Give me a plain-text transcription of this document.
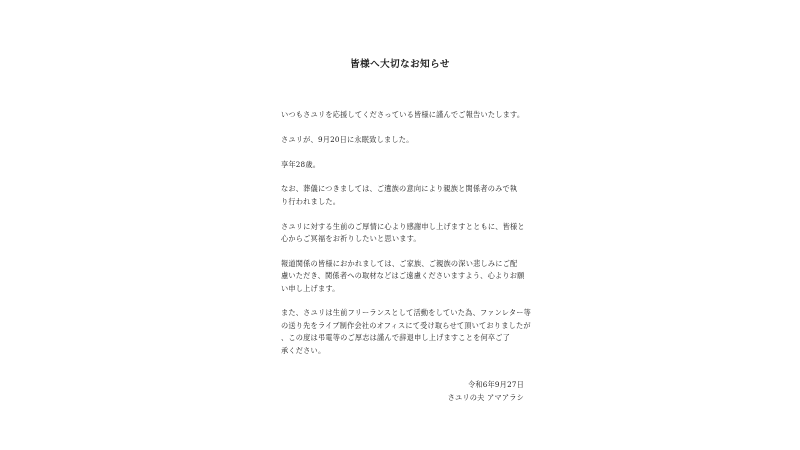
皆様へ大切なお知らせ

いつもさユリを応援してくださっている皆様に謹んでご報告いたします。

さユリが、9月20日に永眠致しました。

享年28歳。

なお、葬儀につきましては、ご遺族の意向により親族と関係者のみで執
り行われました。

さユリに対する生前のご厚情に心より感謝申し上げますとともに、皆様と
心からご冥福をお祈りしたいと思います。

報道関係の皆様におかれましては、ご家族、ご親族の深い悲しみにご配
慮いただき、関係者への取材などはご遠慮くださいますよう、心よりお願
い申し上げます。

また、さユリは生前フリーランスとして活動をしていた為、ファンレター等
の送り先をライブ制作会社のオフィスにて受け取らせて頂いておりましたが
、この度は弔電等のご厚志は謹んで辞退申し上げますことを何卒ご了
承ください。

令和6年9月27日
さユリの夫 アマアラシ
